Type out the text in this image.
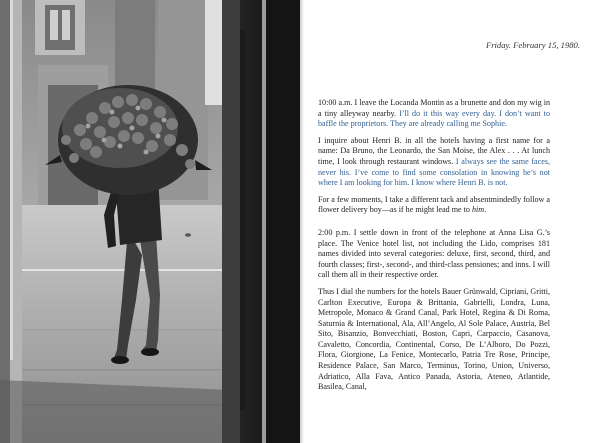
Friday. February 15, 1980.

10:00 a.m. I leave the Locanda Montin as a brunette and don my wig in a tiny alleyway nearby. I’ll do it this way every day. I don’t want to baffle the proprietors. They are already calling me Sophie.

I inquire about Henri B. in all the hotels having a first name for a name: Da Bruno, the Leonardo, the San Moise, the Alex . . . At lunch time, I look through restaurant windows. I always see the same faces, never his. I’ve come to find some consolation in knowing he’s not where I am looking for him. I know where Henri B. is not.

For a few moments, I take a different tack and absentmindedly follow a flower delivery boy—as if he might lead me to him.

2:00 p.m. I settle down in front of the telephone at Anna Lisa G.’s place. The Venice hotel list, not including the Lido, comprises 181 names divided into several categories: deluxe, first, second, third, and fourth classes; first-, second-, and third-class pensiones; and inns. I will call them all in their respective order.

Thus I dial the numbers for the hotels Bauer Grünwald, Cipriani, Gritti, Carlton Executive, Europa & Brittania, Gabrielli, Londra, Luna, Metropole, Monaco & Grand Canal, Park Hotel, Regina & Di Roma, Saturnia & International, Ala, All’Angelo, Al Sole Palace, Austria, Bel Sito, Bisanzio, Bonvecchiati, Boston, Capri, Carpaccio, Casanova, Cavaletto, Concordia, Continental, Corso, De L’Alboro, Do Pozzi, Flora, Giorgione, La Fenice, Montecarlo, Patria Tre Rose, Principe, Residence Palace, San Marco, Terminus, Torino, Union, Universo, Adriatico, Alla Fava, Antico Panada, Astoria, Ateneo, Atlantide, Basilea, Canal,
